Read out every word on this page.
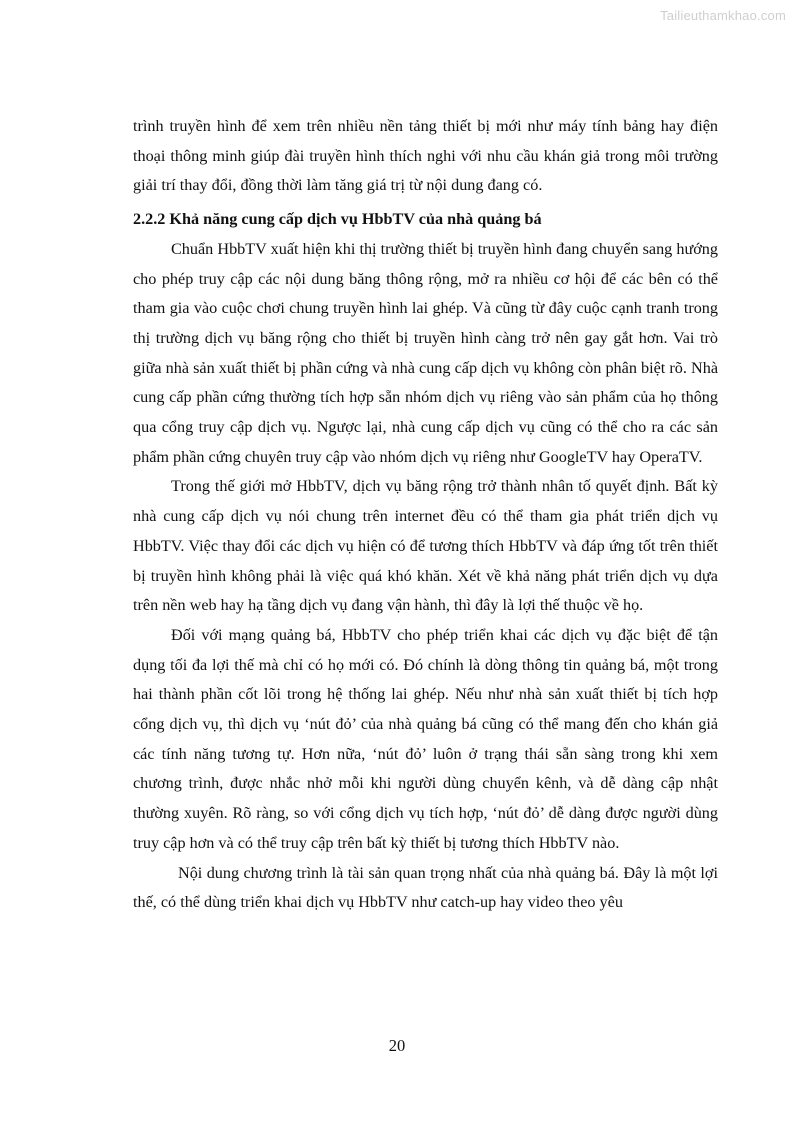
Tailieuthamkhao.com

trình truyền hình để xem trên nhiều nền tảng thiết bị mới như máy tính bảng hay điện thoại thông minh giúp đài truyền hình thích nghi với nhu cầu khán giả trong môi trường giải trí thay đổi, đồng thời làm tăng giá trị từ nội dung đang có.

2.2.2 Khả năng cung cấp dịch vụ HbbTV của nhà quảng bá

Chuẩn HbbTV xuất hiện khi thị trường thiết bị truyền hình đang chuyển sang hướng cho phép truy cập các nội dung băng thông rộng, mở ra nhiều cơ hội để các bên có thể tham gia vào cuộc chơi chung truyền hình lai ghép. Và cũng từ đây cuộc cạnh tranh trong thị trường dịch vụ băng rộng cho thiết bị truyền hình càng trở nên gay gắt hơn. Vai trò giữa nhà sản xuất thiết bị phần cứng và nhà cung cấp dịch vụ không còn phân biệt rõ. Nhà cung cấp phần cứng thường tích hợp sẵn nhóm dịch vụ riêng vào sản phẩm của họ thông qua cổng truy cập dịch vụ. Ngược lại, nhà cung cấp dịch vụ cũng có thể cho ra các sản phẩm phần cứng chuyên truy cập vào nhóm dịch vụ riêng như GoogleTV hay OperaTV.

Trong thế giới mở HbbTV, dịch vụ băng rộng trở thành nhân tố quyết định. Bất kỳ nhà cung cấp dịch vụ nói chung trên internet đều có thể tham gia phát triển dịch vụ HbbTV. Việc thay đổi các dịch vụ hiện có để tương thích HbbTV và đáp ứng tốt trên thiết bị truyền hình không phải là việc quá khó khăn. Xét về khả năng phát triển dịch vụ dựa trên nền web hay hạ tầng dịch vụ đang vận hành, thì đây là lợi thế thuộc về họ.

Đối với mạng quảng bá, HbbTV cho phép triển khai các dịch vụ đặc biệt để tận dụng tối đa lợi thế mà chỉ có họ mới có. Đó chính là dòng thông tin quảng bá, một trong hai thành phần cốt lõi trong hệ thống lai ghép. Nếu như nhà sản xuất thiết bị tích hợp cổng dịch vụ, thì dịch vụ ‘nút đỏ’ của nhà quảng bá cũng có thể mang đến cho khán giả các tính năng tương tự. Hơn nữa, ‘nút đỏ’ luôn ở trạng thái sẵn sàng trong khi xem chương trình, được nhắc nhở mỗi khi người dùng chuyển kênh, và dễ dàng cập nhật thường xuyên. Rõ ràng, so với cổng dịch vụ tích hợp, ‘nút đỏ’ dễ dàng được người dùng truy cập hơn và có thể truy cập trên bất kỳ thiết bị tương thích HbbTV nào.

Nội dung chương trình là tài sản quan trọng nhất của nhà quảng bá. Đây là một lợi thế, có thể dùng triển khai dịch vụ HbbTV như catch-up hay video theo yêu

20
